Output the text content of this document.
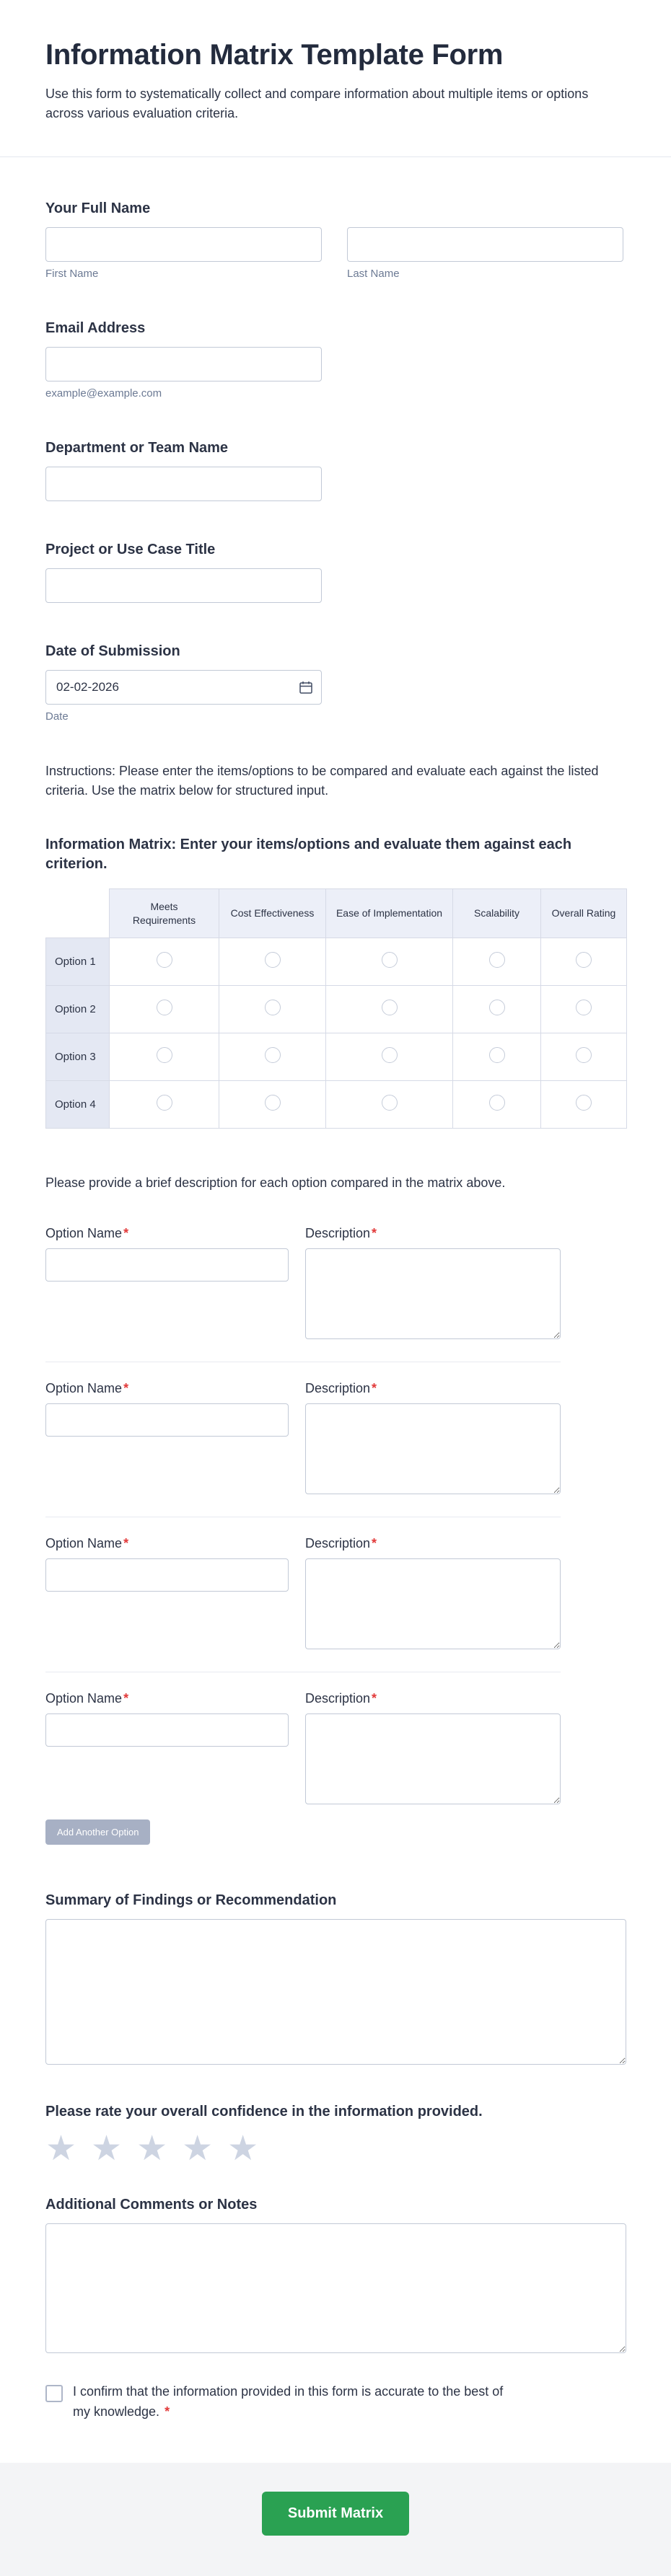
Information Matrix Template Form

Use this form to systematically collect and compare information about multiple items or options across various evaluation criteria.

Your Full Name
First Name	Last Name
Email Address
example@example.com
Department or Team Name
Project or Use Case Title
Date of Submission
02-02-2026
Date

Instructions: Please enter the items/options to be compared and evaluate each against the listed criteria. Use the matrix below for structured input.

Information Matrix: Enter your items/options and evaluate them against each criterion.
	Meets Requirements	Cost Effectiveness	Ease of Implementation	Scalability	Overall Rating
Option 1					
Option 2					
Option 3					
Option 4					

Please provide a brief description for each option compared in the matrix above.

Option Name *	Description *
Option Name *	Description *
Option Name *	Description *
Option Name *	Description *
Add Another Option
Summary of Findings or Recommendation
Please rate your overall confidence in the information provided.
★ ★ ★ ★ ★
Additional Comments or Notes
I confirm that the information provided in this form is accurate to the best of my knowledge. *
Submit Matrix
